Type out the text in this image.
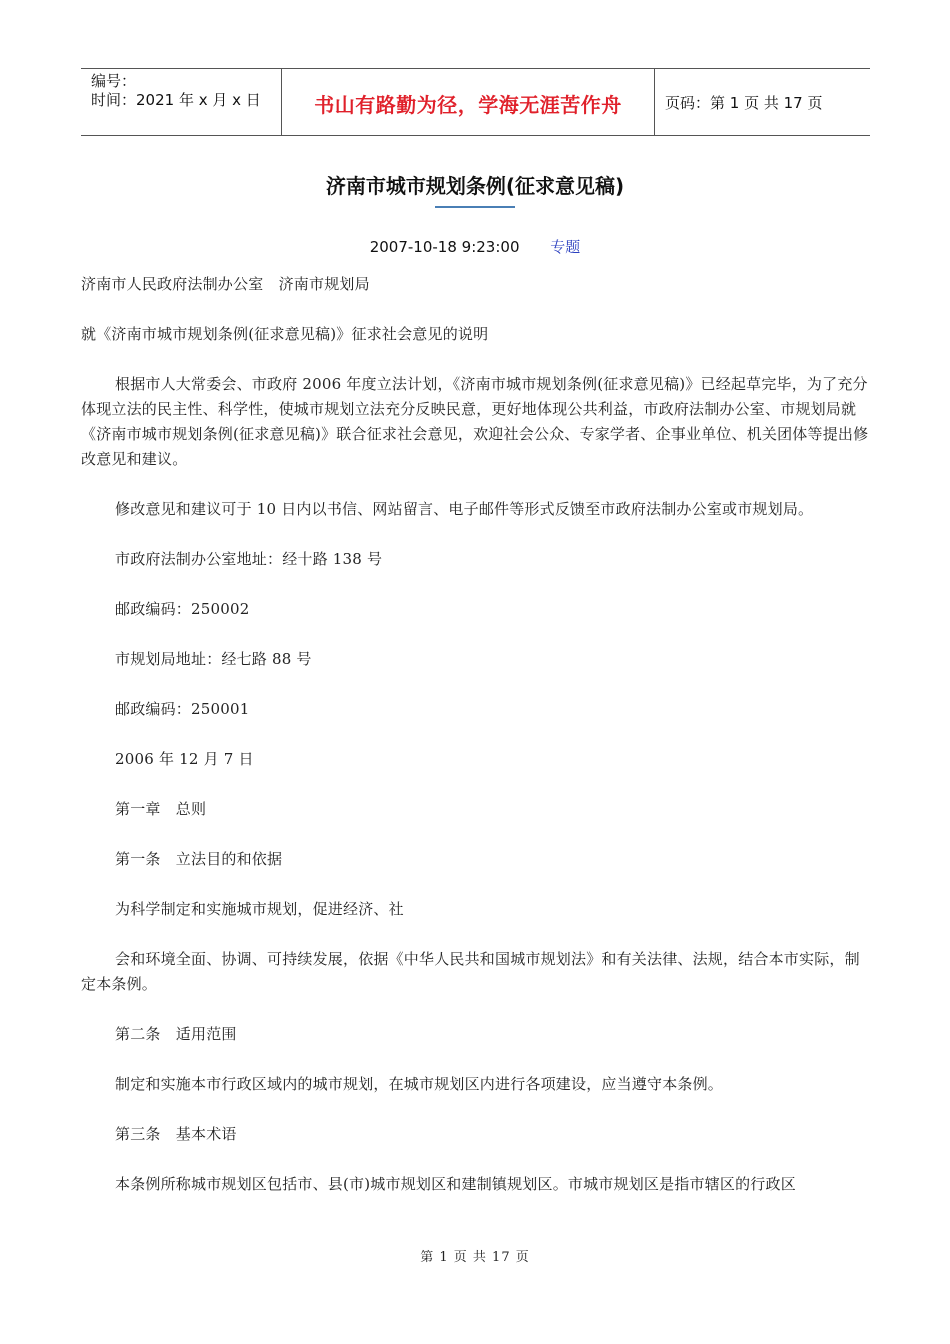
编号：
时间：2021 年 x 月 x 日	书山有路勤为径，学海无涯苦作舟	页码：第 1 页 共 17 页
济南市城市规划条例(征求意见稿)
2007-10-18 9:23:00 专题

济南市人民政府法制办公室　济南市规划局

就《济南市城市规划条例(征求意见稿)》征求社会意见的说明

根据市人大常委会、市政府 2006 年度立法计划，《济南市城市规划条例(征求意见稿)》已经起草完毕，为了充分体现立法的民主性、科学性，使城市规划立法充分反映民意，更好地体现公共利益，市政府法制办公室、市规划局就《济南市城市规划条例(征求意见稿)》联合征求社会意见，欢迎社会公众、专家学者、企事业单位、机关团体等提出修改意见和建议。

修改意见和建议可于 10 日内以书信、网站留言、电子邮件等形式反馈至市政府法制办公室或市规划局。

市政府法制办公室地址：经十路 138 号

邮政编码：250002

市规划局地址：经七路 88 号

邮政编码：250001

2006 年 12 月 7 日

第一章　总则

第一条　立法目的和依据

为科学制定和实施城市规划，促进经济、社

会和环境全面、协调、可持续发展，依据《中华人民共和国城市规划法》和有关法律、法规，结合本市实际，制定本条例。

第二条　适用范围

制定和实施本市行政区域内的城市规划，在城市规划区内进行各项建设，应当遵守本条例。

第三条　基本术语

本条例所称城市规划区包括市、县(市)城市规划区和建制镇规划区。市城市规划区是指市辖区的行政区

第 1 页 共 17 页
